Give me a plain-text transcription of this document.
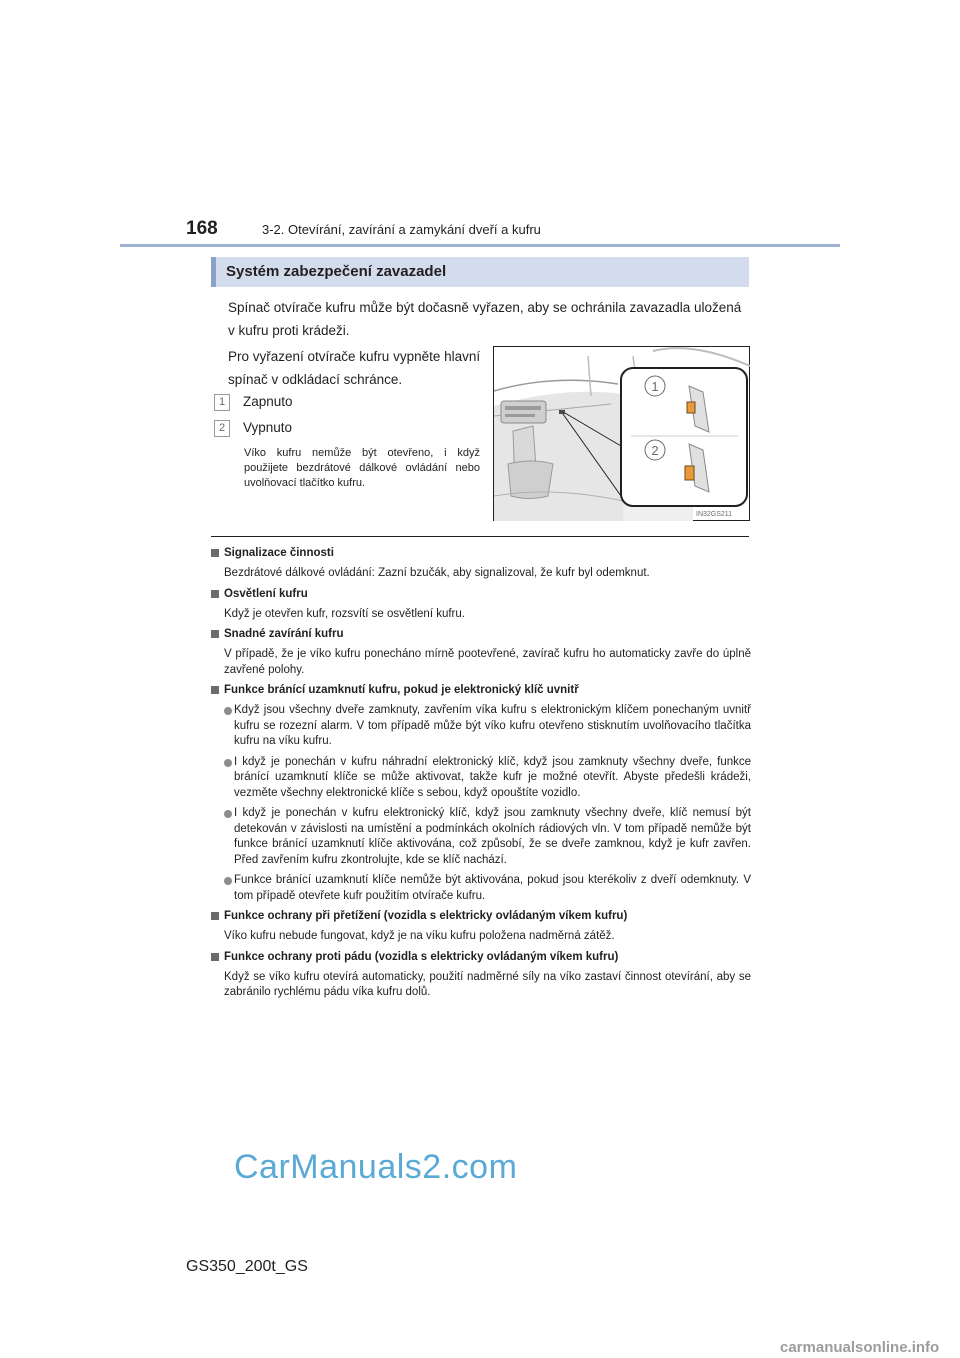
168	3-2. Otevírání, zavírání a zamykání dveří a kufru
Systém zabezpečení zavazadel
Spínač otvírače kufru může být dočasně vyřazen, aby se ochránila zavazadla uložená v kufru proti krádeži.
Pro vyřazení otvírače kufru vypněte hlavní spínač v odkládací schránce.
1	Zapnuto
2	Vypnuto
Víko kufru nemůže být otevřeno, i když použijete bezdrátové dálkové ovládání nebo uvolňovací tlačítko kufru.
1
2
IN32GS211
Signalizace činnosti
Bezdrátové dálkové ovládání: Zazní bzučák, aby signalizoval, že kufr byl odemknut.
Osvětlení kufru
Když je otevřen kufr, rozsvítí se osvětlení kufru.
Snadné zavírání kufru
V případě, že je víko kufru ponecháno mírně pootevřené, zavírač kufru ho automaticky zavře do úplně zavřené polohy.
Funkce bránící uzamknutí kufru, pokud je elektronický klíč uvnitř
Když jsou všechny dveře zamknuty, zavřením víka kufru s elektronickým klíčem ponechaným uvnitř kufru se rozezní alarm. V tom případě může být víko kufru otevřeno stisknutím uvolňovacího tlačítka kufru na víku kufru.
I když je ponechán v kufru náhradní elektronický klíč, když jsou zamknuty všechny dveře, funkce bránící uzamknutí klíče se může aktivovat, takže kufr je možné otevřít. Abyste předešli krádeži, vezměte všechny elektronické klíče s sebou, když opouštíte vozidlo.
I když je ponechán v kufru elektronický klíč, když jsou zamknuty všechny dveře, klíč nemusí být detekován v závislosti na umístění a podmínkách okolních rádiových vln. V tom případě nemůže být funkce bránící uzamknutí klíče aktivována, což způsobí, že se dveře zamknou, když je kufr zavřen. Před zavřením kufru zkontrolujte, kde se klíč nachází.
Funkce bránící uzamknutí klíče nemůže být aktivována, pokud jsou kterékoliv z dveří odemknuty. V tom případě otevřete kufr použitím otvírače kufru.
Funkce ochrany při přetížení (vozidla s elektricky ovládaným víkem kufru)
Víko kufru nebude fungovat, když je na víku kufru položena nadměrná zátěž.
Funkce ochrany proti pádu (vozidla s elektricky ovládaným víkem kufru)
Když se víko kufru otevírá automaticky, použití nadměrné síly na víko zastaví činnost otevírání, aby se zabránilo rychlému pádu víka kufru dolů.
CarManuals2.com
GS350_200t_GS
carmanualsonline.info
